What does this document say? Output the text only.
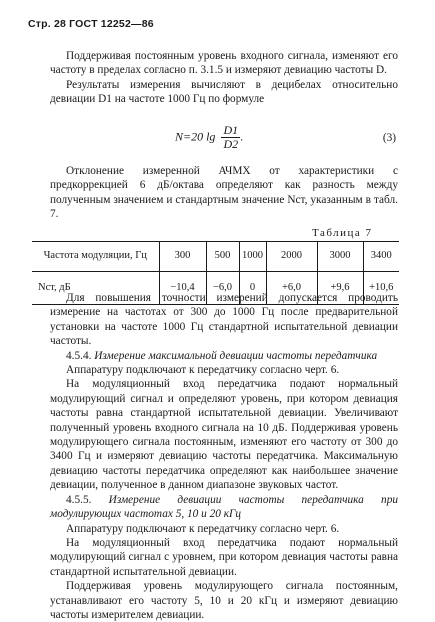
Стр. 28 ГОСТ 12252—86

Поддерживая постоянным уровень входного сигнала, изменяют его частоту в пределах согласно п. 3.1.5 и измеряют девиацию частоты D.

Результаты измерения вычисляют в децибелах относительно девиации D1 на частоте 1000 Гц по формуле

N=20 $\lg \frac{D1}{D2}$ .	(3)

Отклонение измеренной АЧМХ от характеристики с предкоррекцией 6 дБ/октава определяют как разность между полученным значением и стандартным значение Nст, указанным в табл. 7.

Таблица 7
Частота модуляции, Гц	300	500	1000	2000	3000	3400
Nст, дБ	−10,4	−6,0	0	+6,0	+9,6	+10,6

Для повышения точности измерений допускается проводить измерение на частотах от 300 до 1000 Гц после предварительной установки на частоте 1000 Гц стандартной испытательной девиации частоты.

4.5.4. Измерение максимальной девиации частоты передатчика

Аппаратуру подключают к передатчику согласно черт. 6.

На модуляционный вход передатчика подают нормальный модулирующий сигнал и определяют уровень, при котором девиация частоты равна стандартной испытательной девиации. Увеличивают полученный уровень входного сигнала на 10 дБ. Поддерживая уровень модулирующего сигнала постоянным, изменяют его частоту от 300 до 3400 Гц и измеряют девиацию частоты передатчика. Максимальную девиацию частоты передатчика определяют как наибольшее значение девиации, полученное в данном диапазоне звуковых частот.

4.5.5. Измерение девиации частоты передатчика при модулирующих частотах 5, 10 и 20 кГц

Аппаратуру подключают к передатчику согласно черт. 6.

На модуляционный вход передатчика подают нормальный модулирующий сигнал с уровнем, при котором девиация частоты равна стандартной испытательной девиации.

Поддерживая уровень модулирующего сигнала постоянным, устанавливают его частоту 5, 10 и 20 кГц и измеряют девиацию частоты измерителем девиации.
